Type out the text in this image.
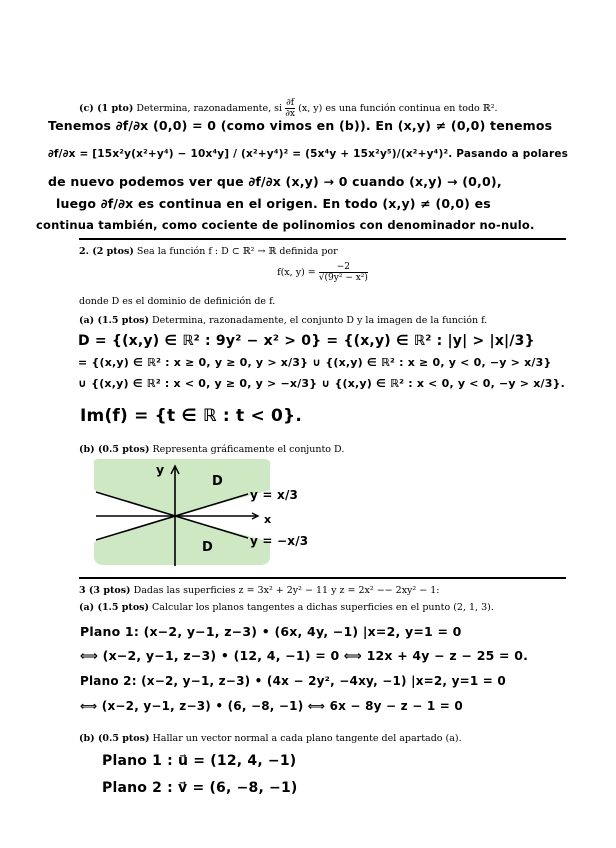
(c) (1 pto) Determina, razonadamente, si $\frac{\partial f}{\partial x} (x$, y) es una función continua en todo ℝ².
Tenemos ∂f/∂x (0,0) = 0 (como vimos en (b)). En (x,y) ≠ (0,0) tenemos
∂f/∂x = [15x²y(x²+y⁴) − 10x⁴y] / (x²+y⁴)² = (5x⁴y + 15x²y⁵)/(x²+y⁴)². Pasando a polares
de nuevo podemos ver que ∂f/∂x (x,y) → 0 cuando (x,y) → (0,0),
luego ∂f/∂x es continua en el origen. En todo (x,y) ≠ (0,0) es
continua también, como cociente de polinomios con denominador no-nulo.
2. (2 ptos) Sea la función f : D ⊂ ℝ² → ℝ definida por
f(x, $y) = \frac{-2}{\text{√(9y² − x²)}}$
donde D es el dominio de definición de f.
(a) (1.5 ptos) Determina, razonadamente, el conjunto D y la imagen de la función f.
D = {(x,y) ∈ ℝ² : 9y² − x² > 0} = {(x,y) ∈ ℝ² : |y| > |x|/3}
= {(x,y) ∈ ℝ² : x ≥ 0, y ≥ 0, y > x/3} ∪ {(x,y) ∈ ℝ² : x ≥ 0, y < 0, −y > x/3}
∪ {(x,y) ∈ ℝ² : x < 0, y ≥ 0, y > −x/3} ∪ {(x,y) ∈ ℝ² : x < 0, y < 0, −y > x/3}.
Im(f) = {t ∈ ℝ : t < 0}.
(b) (0.5 ptos) Representa gráficamente el conjunto D.
y
x
D
D
y = x/3
y = −x/3
3 (3 ptos) Dadas las superficies z = 3x² + 2y² − 11 y z = 2x² −− 2xy² − 1:
(a) (1.5 ptos) Calcular los planos tangentes a dichas superficies en el punto (2, 1, 3).
Plano 1: (x−2, y−1, z−3) • (6x, 4y, −1) |x=2, y=1 = 0
⟺ (x−2, y−1, z−3) • (12, 4, −1) = 0 ⟺ 12x + 4y − z − 25 = 0.
Plano 2: (x−2, y−1, z−3) • (4x − 2y², −4xy, −1) |x=2, y=1 = 0
⟺ (x−2, y−1, z−3) • (6, −8, −1) ⟺ 6x − 8y − z − 1 = 0
(b) (0.5 ptos) Hallar un vector normal a cada plano tangente del apartado (a).
Plano 1 : u⃗ = (12, 4, −1)
Plano 2 : v⃗ = (6, −8, −1)
